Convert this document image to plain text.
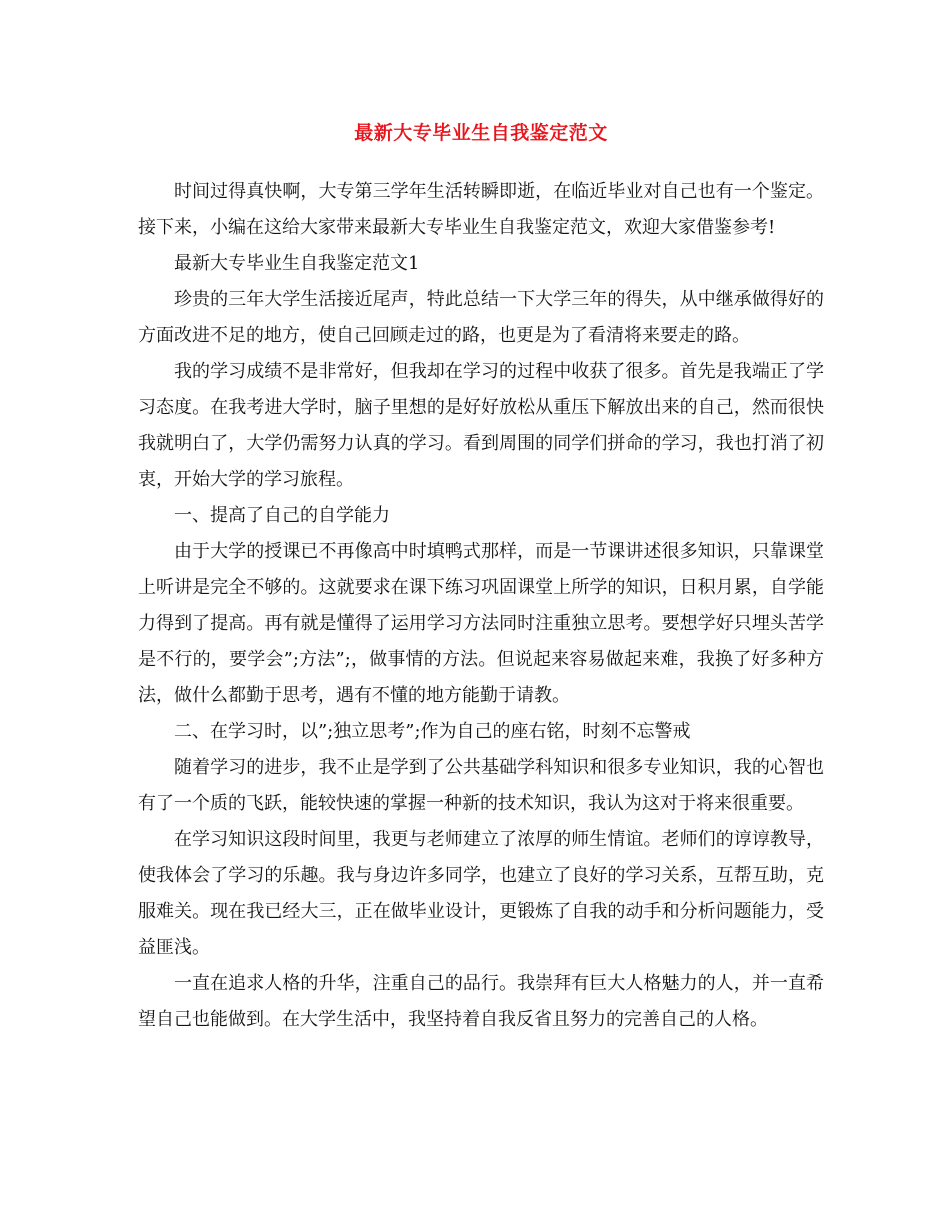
最新大专毕业生自我鉴定范文

时间过得真快啊，大专第三学年生活转瞬即逝，在临近毕业对自己也有一个鉴定。接下来，小编在这给大家带来最新大专毕业生自我鉴定范文，欢迎大家借鉴参考!

最新大专毕业生自我鉴定范文1

珍贵的三年大学生活接近尾声，特此总结一下大学三年的得失，从中继承做得好的方面改进不足的地方，使自己回顾走过的路，也更是为了看清将来要走的路。

我的学习成绩不是非常好，但我却在学习的过程中收获了很多。首先是我端正了学习态度。在我考进大学时，脑子里想的是好好放松从重压下解放出来的自己，然而很快我就明白了，大学仍需努力认真的学习。看到周围的同学们拼命的学习，我也打消了初衷，开始大学的学习旅程。

一、提高了自己的自学能力

由于大学的授课已不再像高中时填鸭式那样，而是一节课讲述很多知识，只靠课堂上听讲是完全不够的。这就要求在课下练习巩固课堂上所学的知识，日积月累，自学能力得到了提高。再有就是懂得了运用学习方法同时注重独立思考。要想学好只埋头苦学是不行的，要学会”;方法”;，做事情的方法。但说起来容易做起来难，我换了好多种方法，做什么都勤于思考，遇有不懂的地方能勤于请教。

二、在学习时，以”;独立思考”;作为自己的座右铭，时刻不忘警戒

随着学习的进步，我不止是学到了公共基础学科知识和很多专业知识，我的心智也有了一个质的飞跃，能较快速的掌握一种新的技术知识，我认为这对于将来很重要。

在学习知识这段时间里，我更与老师建立了浓厚的师生情谊。老师们的谆谆教导，使我体会了学习的乐趣。我与身边许多同学，也建立了良好的学习关系，互帮互助，克服难关。现在我已经大三，正在做毕业设计，更锻炼了自我的动手和分析问题能力，受益匪浅。

一直在追求人格的升华，注重自己的品行。我崇拜有巨大人格魅力的人，并一直希望自己也能做到。在大学生活中，我坚持着自我反省且努力的完善自己的人格。
